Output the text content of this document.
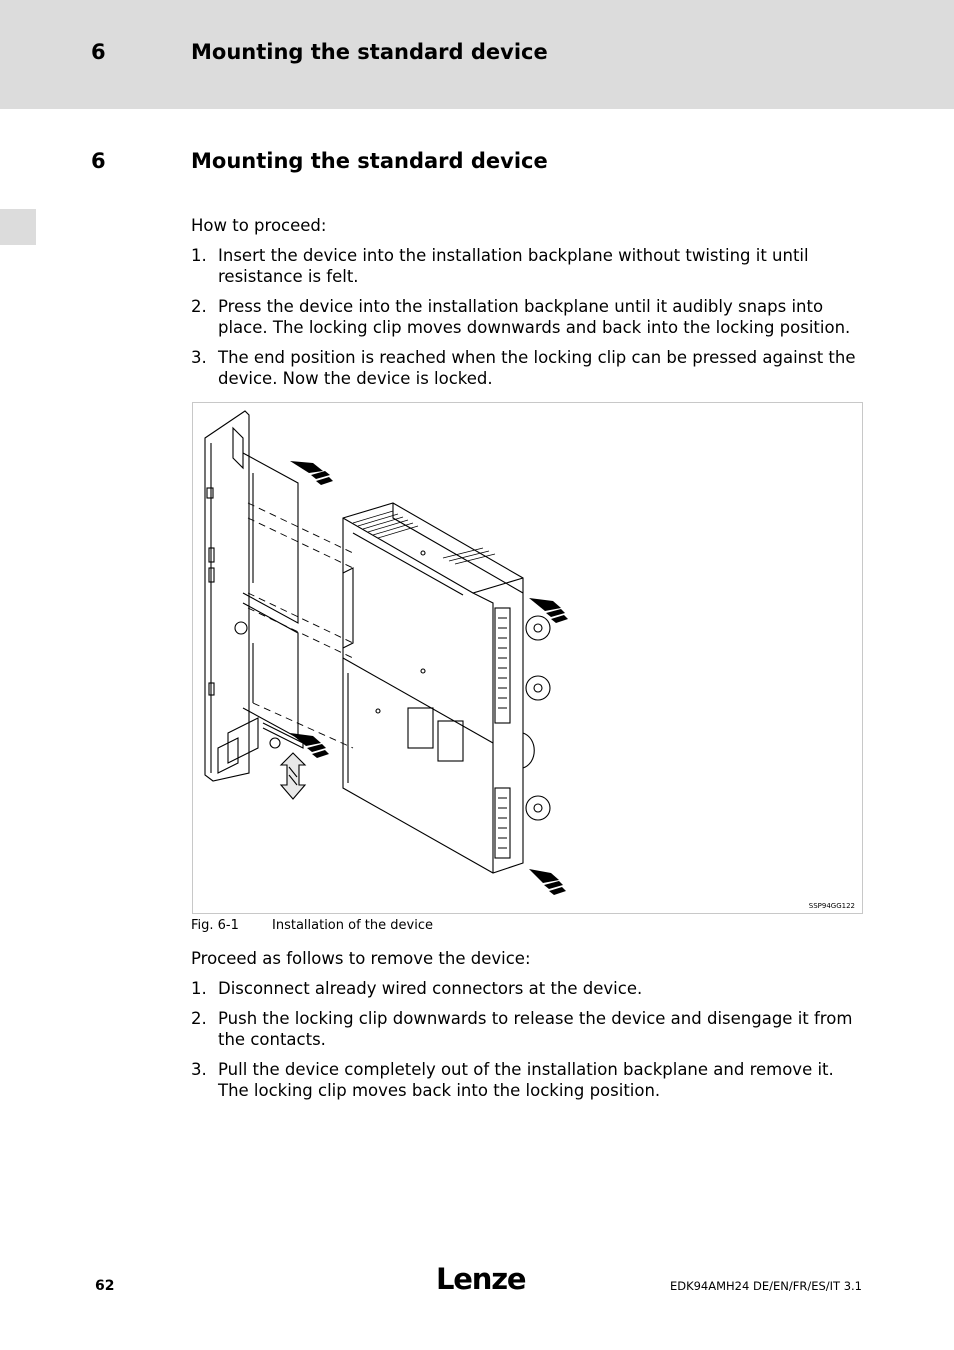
6	Mounting the standard device
6	Mounting the standard device
How to proceed:
1. Insert the device into the installation backplane without twisting it until resistance is felt.
2. Press the device into the installation backplane until it audibly snaps into place. The locking clip moves downwards and back into the locking position.
3. The end position is reached when the locking clip can be pressed against the device. Now the device is locked.
SSP94GG122
Fig. 6-1	Installation of the device
Proceed as follows to remove the device:
1. Disconnect already wired connectors at the device.
2. Push the locking clip downwards to release the device and disengage it from the contacts.
3. Pull the device completely out of the installation backplane and remove it. The locking clip moves back into the locking position.
62	Lenze	EDK94AMH24 DE/EN/FR/ES/IT 3.1
